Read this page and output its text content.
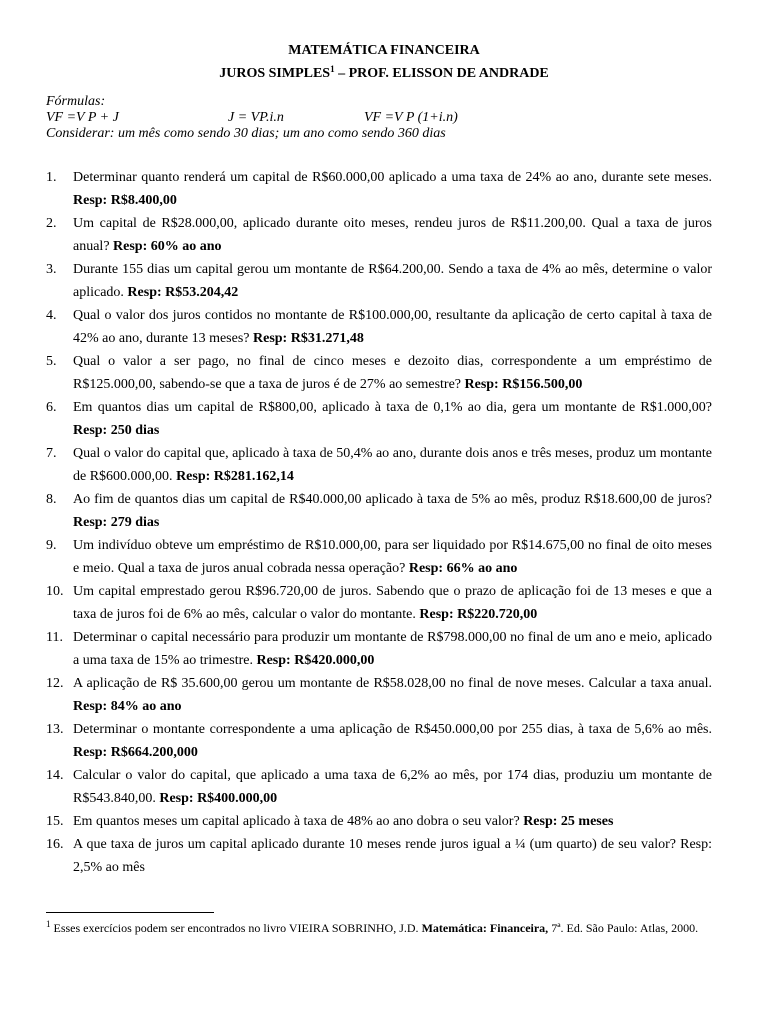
MATEMÁTICA FINANCEIRA
JUROS SIMPLES$^1$ – PROF. ELISSON DE ANDRADE
Fórmulas:
VF =V P + J	J = VP.i.n	VF =V P (1+i.n)
Considerar: um mês como sendo 30 dias; um ano como sendo 360 dias
1.	Determinar quanto renderá um capital de R$60.000,00 aplicado a uma taxa de 24% ao ano, durante sete meses. Resp: R$8.400,00
2.	Um capital de R$28.000,00, aplicado durante oito meses, rendeu juros de R$11.200,00. Qual a taxa de juros anual? Resp: 60% ao ano
3.	Durante 155 dias um capital gerou um montante de R$64.200,00. Sendo a taxa de 4% ao mês, determine o valor aplicado. Resp: R$53.204,42
4.	Qual o valor dos juros contidos no montante de R$100.000,00, resultante da aplicação de certo capital à taxa de 42% ao ano, durante 13 meses? Resp: R$31.271,48
5.	Qual o valor a ser pago, no final de cinco meses e dezoito dias, correspondente a um empréstimo de R$125.000,00, sabendo-se que a taxa de juros é de 27% ao semestre? Resp: R$156.500,00
6.	Em quantos dias um capital de R$800,00, aplicado à taxa de 0,1% ao dia, gera um montante de R$1.000,00? Resp: 250 dias
7.	Qual o valor do capital que, aplicado à taxa de 50,4% ao ano, durante dois anos e três meses, produz um montante de R$600.000,00. Resp: R$281.162,14
8.	Ao fim de quantos dias um capital de R$40.000,00 aplicado à taxa de 5% ao mês, produz R$18.600,00 de juros? Resp: 279 dias
9.	Um indivíduo obteve um empréstimo de R$10.000,00, para ser liquidado por R$14.675,00 no final de oito meses e meio. Qual a taxa de juros anual cobrada nessa operação? Resp: 66% ao ano
10. Um capital emprestado gerou R$96.720,00 de juros. Sabendo que o prazo de aplicação foi de 13 meses e que a taxa de juros foi de 6% ao mês, calcular o valor do montante. Resp: R$220.720,00
11. Determinar o capital necessário para produzir um montante de R$798.000,00 no final de um ano e meio, aplicado a uma taxa de 15% ao trimestre. Resp: R$420.000,00
12. A aplicação de R$ 35.600,00 gerou um montante de R$58.028,00 no final de nove meses. Calcular a taxa anual. Resp: 84% ao ano
13. Determinar o montante correspondente a uma aplicação de R$450.000,00 por 255 dias, à taxa de 5,6% ao mês. Resp: R$664.200,000
14. Calcular o valor do capital, que aplicado a uma taxa de 6,2% ao mês, por 174 dias, produziu um montante de R$543.840,00. Resp: R$400.000,00
15. Em quantos meses um capital aplicado à taxa de 48% ao ano dobra o seu valor? Resp: 25 meses
16. A que taxa de juros um capital aplicado durante 10 meses rende juros igual a ¼ (um quarto) de seu valor? Resp: 2,5% ao mês
$^1$ Esses exercícios podem ser encontrados no livro VIEIRA SOBRINHO, J.D. Matemática: Financeira, 7ª. Ed. São Paulo: Atlas, 2000.
